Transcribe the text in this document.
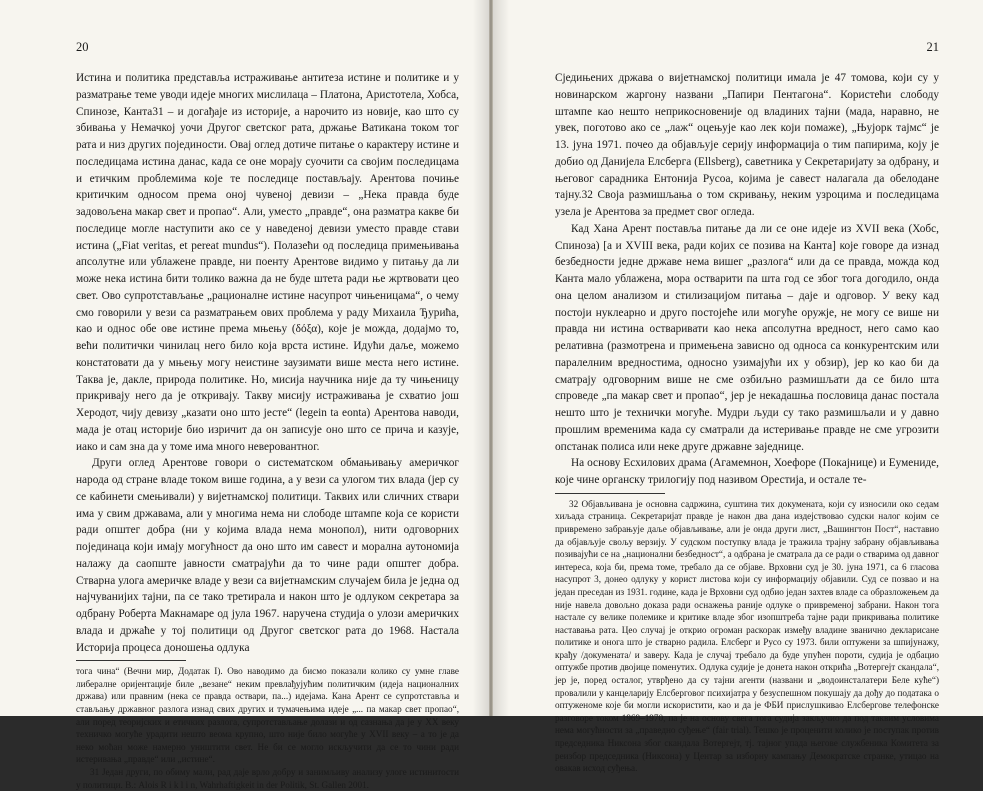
20

Истина и политика представља истраживање антитеза истине и политике и у разматрање теме уводи идеје многих мислилаца – Платона, Аристотела, Хобса, Спинозе, Канта31 – и догађаје из историје, а нарочито из новије, као што су збивања у Немачкој уочи Другог светског рата, држање Ватикана током тог рата и низ других појединости. Овај оглед дотиче питање о карактеру истине и последицама истина данас, када се оне морају суочити са својим последицама и етичким проблемима које те последице постављају. Арентова почиње критичким односом према оној чувеној девизи – „Нека правда буде задовољена макар свет и пропао“. Али, уместо „правде“, она разматра какве би последице могле наступити ако се у наведеној девизи уместо правде стави истина („Fiat veritas, et pereat mundus“). Полазећи од последица примењивања апсолутне или ублажене правде, ни поенту Арентове видимо у питању да ли може нека истина бити толико важна да не буде штета ради ње жртвовати цео свет. Ово супротстављање „рационалне истине насупрот чињеницама“, о чему смо говорили у вези са разматрањем ових проблема у раду Михаила Ђурића, као и однос обе ове истине према мњењу (δόξα), које је можда, додајмо то, већи политички чинилац него било која врста истине. Идући даље, можемо констатовати да у мњењу могу неистине заузимати више места него истине. Таква је, дакле, природа политике. Но, мисија научника није да ту чињеницу прикривају него да је откривају. Такву мисију истраживања је схватио још Херодот, чију девизу „казати оно што јесте“ (legein ta eonta) Арентова наводи, мада је отац историје био изричит да он записује оно што се прича и казује, иако и сам зна да у томе има много неверовантног.

Други оглед Арентове говори о систематском обмањивању америчког народа од стране владе током више година, а у вези са улогом тих влада (јер су се кабинети смењивали) у вијетнамској политици. Таквих или сличних ствари има у свим државама, али у многима нема ни слободе штампе која се користи ради општег добра (ни у којима влада нема монопол), нити одговорних појединаца који имају могућност да оно што им савест и морална аутономија налажу да саопште јавности сматрајући да то чине ради општег добра. Стварна улога америчке владе у вези са вијетнамским случајем била је једна од најчуванијих тајни, па се тако третирала и након што је одлуком секретара за одбрану Роберта Макнамаре од јула 1967. наручена студија о улози америчких влада и држаће у тој политици од Другог светског рата до 1968. Настала Историја процеса доношења одлука

тога чина“ (Вечни мир, Додатак I). Ово наводимо да бисмо показали колико су умне главе либералне оријентације биле „везане“ неким превлађујућим политичким (идеја националних држава) или правним (нека се правда оствари, па...) идејама. Кана Арент се супротставља и стављању државног разлога изнад свих других и тумачењима идеје „... па макар свет пропао“, али поред теоријских и етичких разлога, супротстављање долази и од сазнања да је у XX веку техничко могуће урадити нешто веома крупно, што није било могуће у XVII веку – а то је да неко моћан може намерно уништити свет. Не би се могло искључити да се то чини ради истеривања „правде“ или „истине“.

31 Један други, по обиму мали, рад даје врло добру и занимљиву анализу улоге истинитости у политици. В.: Alois R i k l i n, Wahrhaftigkeit in der Politik, St. Gallen 2001.

21

Сједињених држава о вијетнамској политици имала је 47 томова, који су у новинарском жаргону названи „Папири Пентагона“. Користећи слободу штампе као нешто неприкосновеније од владиних тајни (мада, наравно, не увек, поготово ако се „лаж“ оцењује као лек који помаже), „Њујорк тајмс“ је 13. јуна 1971. почео да објављује серију информација о тим папирима, коју је добио од Данијела Елсберга (Ellsberg), саветника у Секретаријату за одбрану, и његовог сарадника Ентонија Русоа, којима је савест налагала да обелодане тајну.32 Своја размишљања о том скривању, неким узроцима и последицама узела је Арентова за предмет свог огледа.

Кад Хана Арент поставља питање да ли се оне идеје из XVII века (Хобс, Спиноза) [а и XVIII века, ради којих се позива на Канта] које говоре да изнад безбедности једне државе нема вишег „разлога“ или да се правда, можда код Канта мало ублажена, мора остварити па шта год се због тога догодило, онда она целом анализом и стилизацијом питања – даје и одговор. У веку кад постоји нуклеарно и друго постојеће или могуће оружје, не могу се више ни правда ни истина остваривати као нека апсолутна вредност, него само као релативна (размотрена и примењена зависно од односа са конкурентским или паралелним вредностима, односно узимајући их у обзир), јер ко као би да сматрају одговорним више не сме озбиљно размишљати да се било шта спроведе „па макар свет и пропао“, јер је некадашња пословица данас постала нешто што је технички могуће. Мудри људи су тако размишљали и у давно прошлим временима када су сматрали да истеривање правде не сме угрозити опстанак полиса или неке друге државне заједнице.

На основу Есхилових драма (Агамемнон, Хоефоре (Покајнице) и Еумениде, које чине органску трилогију под називом Орестија, и остале те-

32 Објављивана је основна садржина, суштина тих докумената, који су износили око седам хиљада страница. Секретаријат правде је након два дана издејствовао судски налог којим се привремено забрањује даље објављивање, али је онда други лист, „Вашингтон Пост“, наставио да објављује свољу верзију. У судском поступку влада је тражила трајну забрану објављивања позивајући се на „национални безбедност“, а одбрана је сматрала да се ради о стварима од давног интереса, која би, према томе, требало да се објаве. Врховни суд је 30. јуна 1971, са 6 гласова насупрот 3, донео одлуку у корист листова који су информацију објавили. Суд се позвао и на један преседан из 1931. године, када је Врховни суд одбио један захтев владе са образложењем да није навела довољно доказа ради оснажења раније одлуке о привременој забрани. Након тога настале су велике полемике и критике владе због изопштреба тајне ради прикривања политике наставања рата. Цео случај је открио огроман раскорак између владине званично декларисане политике и онога што је стварно радила. Елсберг и Русо су 1973. били оптужени за шпијунажу, крађу /докумената/ и заверу. Када је случај требало да буде упућен пороти, судија је одбацио оптужбе против двојице поменутих. Одлука судије је донета након открића „Вотергејт скандала“, јер је, поред осталог, утврђено да су тајни агенти (названи и „водоинсталатери Беле куће“) провалили у канцеларију Елсберговог психијатра у безуспешном покушају да дођу до података о оптуженоме које би могли искористити, као и да је ФБИ прислушкивао Елсбергове телефонске разговоре током 1969–1970, па је на основу свега тога судија закључио да под таквим условима нема могућности за „праведно суђење“ (fair trial). Тешко је проценити колико је поступак против председника Никсона због скандала Вотергејт, тј. тајног упада његове службеника Комитета за реизбор председника (Никсона) у Центар за изборну кампању Демократске странке, утицао на овакав исход суђења.
